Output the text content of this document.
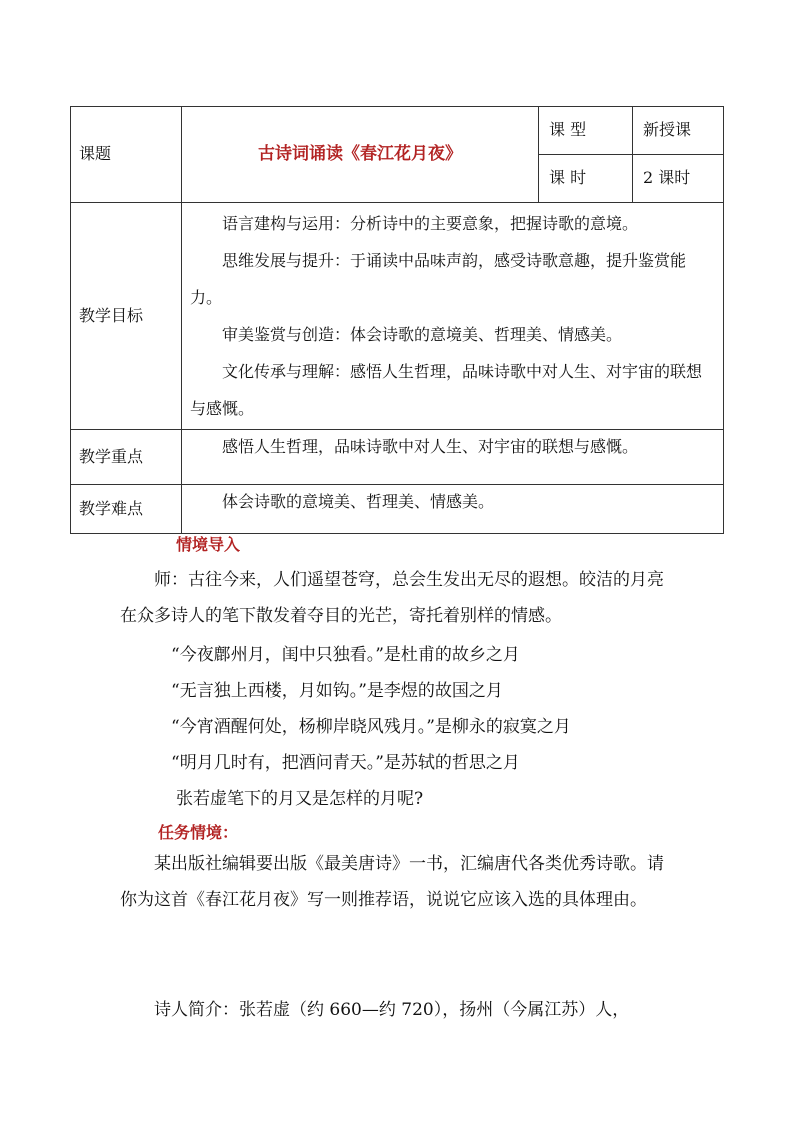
课题	古诗词诵读《春江花月夜》	课 型	新授课
		课 时	2 课时
教学目标	语言建构与运用：分析诗中的主要意象，把握诗歌的意境。

思维发展与提升：于诵读中品味声韵，感受诗歌意趣，提升鉴赏能力。

审美鉴赏与创造：体会诗歌的意境美、哲理美、情感美。

文化传承与理解：感悟人生哲理，品味诗歌中对人生、对宇宙的联想与感慨。		

教学重点	感悟人生哲理，品味诗歌中对人生、对宇宙的联想与感慨。		

教学难点	体会诗歌的意境美、哲理美、情感美。		

情境导入

师：古往今来，人们遥望苍穹，总会生发出无尽的遐想。皎洁的月亮在众多诗人的笔下散发着夺目的光芒，寄托着别样的情感。

“今夜鄜州月，闺中只独看。”是杜甫的故乡之月

“无言独上西楼，月如钩。”是李煜的故国之月

“今宵酒醒何处，杨柳岸晓风残月。”是柳永的寂寞之月

“明月几时有，把酒问青天。”是苏轼的哲思之月

张若虚笔下的月又是怎样的月呢?

任务情境：

某出版社编辑要出版《最美唐诗》一书，汇编唐代各类优秀诗歌。请你为这首《春江花月夜》写一则推荐语，说说它应该入选的具体理由。

诗人简介：张若虚（约 660—约 720），扬州（今属江苏）人，
